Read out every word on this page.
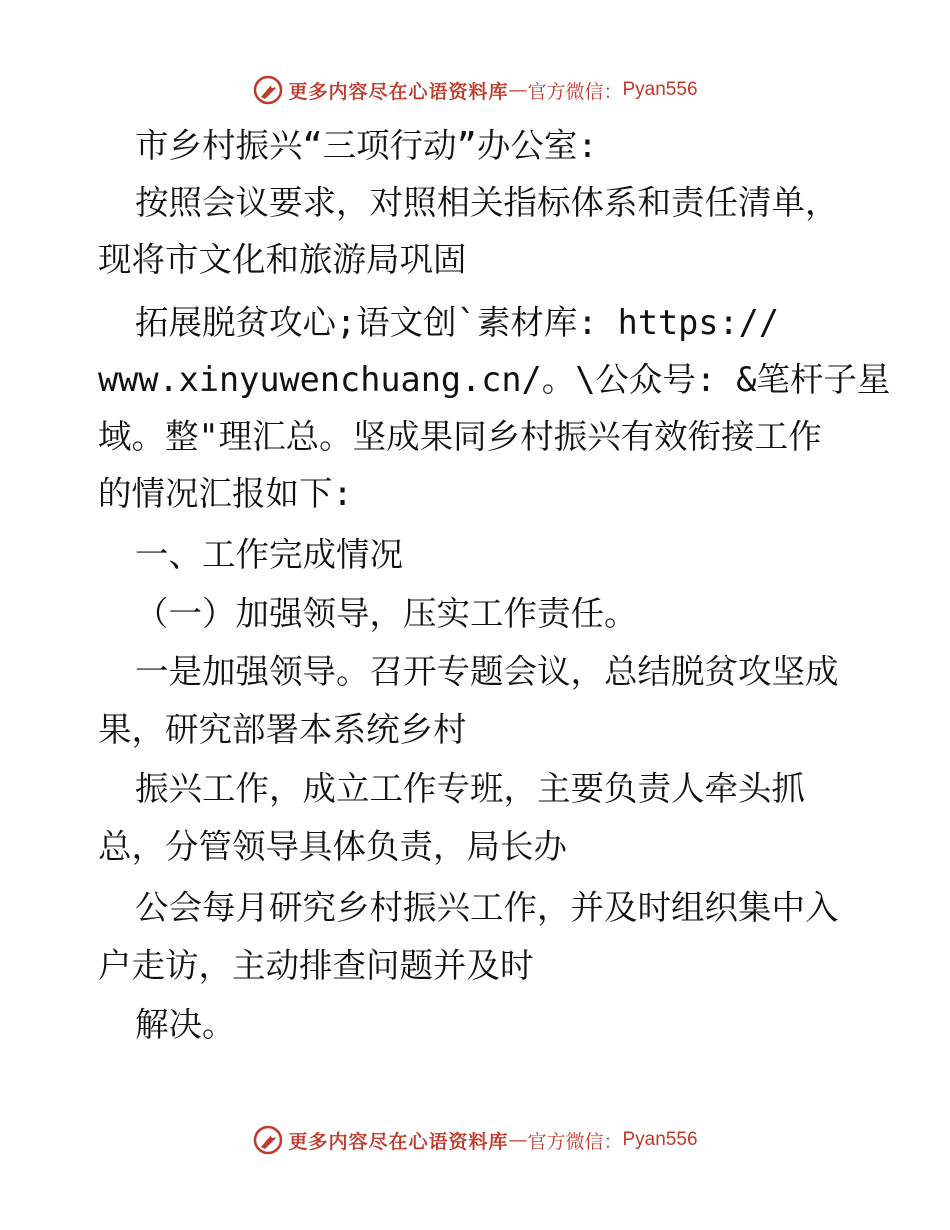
更多内容尽在心语资料库 — 官方微信： Pyan556
市乡村振兴“三项行动”办公室:
按照会议要求，对照相关指标体系和责任清单，
现将市文化和旅游局巩固
拓展脱贫攻心;语文创`素材库: https://
www.xinyuwenchuang.cn/。\公众号: &笔杆子星
域。整"理汇总。坚成果同乡村振兴有效衔接工作
的情况汇报如下:
一、工作完成情况
（一）加强领导，压实工作责任。
一是加强领导。召开专题会议，总结脱贫攻坚成
果，研究部署本系统乡村
振兴工作，成立工作专班，主要负责人牵头抓
总，分管领导具体负责，局长办
公会每月研究乡村振兴工作，并及时组织集中入
户走访，主动排查问题并及时
解决。
更多内容尽在心语资料库 — 官方微信： Pyan556
